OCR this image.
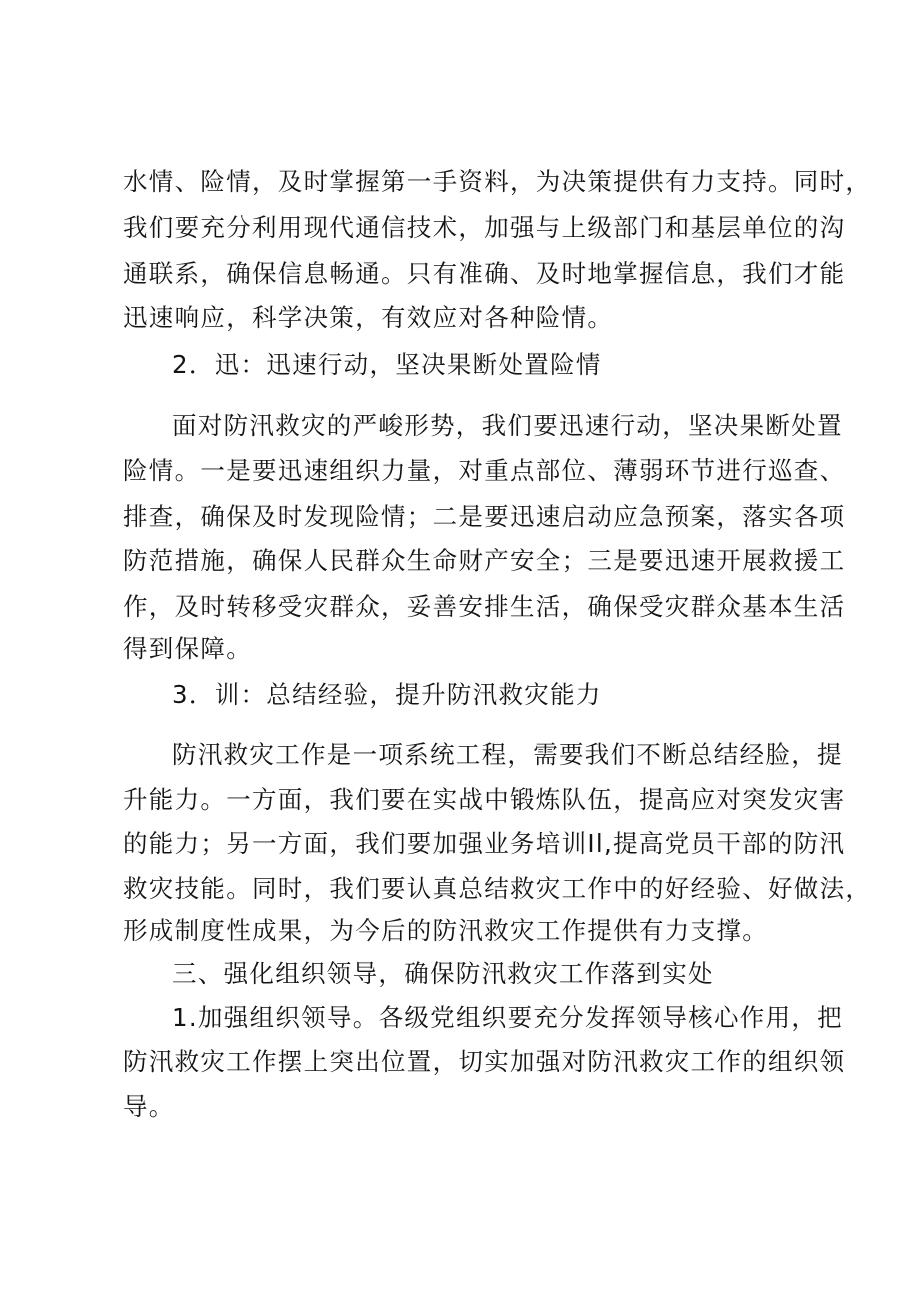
水情、险情，及时掌握第一手资料，为决策提供有力支持。同时，
我们要充分利用现代通信技术，加强与上级部门和基层单位的沟
通联系，确保信息畅通。只有准确、及时地掌握信息，我们才能
迅速响应，科学决策，有效应对各种险情。
2．迅：迅速行动，坚决果断处置险情
面对防汛救灾的严峻形势，我们要迅速行动，坚决果断处置
险情。一是要迅速组织力量，对重点部位、薄弱环节进行巡查、
排查，确保及时发现险情；二是要迅速启动应急预案，落实各项
防范措施，确保人民群众生命财产安全；三是要迅速开展救援工
作，及时转移受灾群众，妥善安排生活，确保受灾群众基本生活
得到保障。
3．训：总结经验，提升防汛救灾能力
防汛救灾工作是一项系统工程，需要我们不断总结经脸，提
升能力。一方面，我们要在实战中锻炼队伍，提高应对突发灾害
的能力；另一方面，我们要加强业务培训Il,提高党员干部的防汛
救灾技能。同时，我们要认真总结救灾工作中的好经验、好做法，
形成制度性成果，为今后的防汛救灾工作提供有力支撑。
三、强化组织领导，确保防汛救灾工作落到实处
1.加强组织领导。各级党组织要充分发挥领导核心作用，把
防汛救灾工作摆上突出位置，切实加强对防汛救灾工作的组织领
导。
